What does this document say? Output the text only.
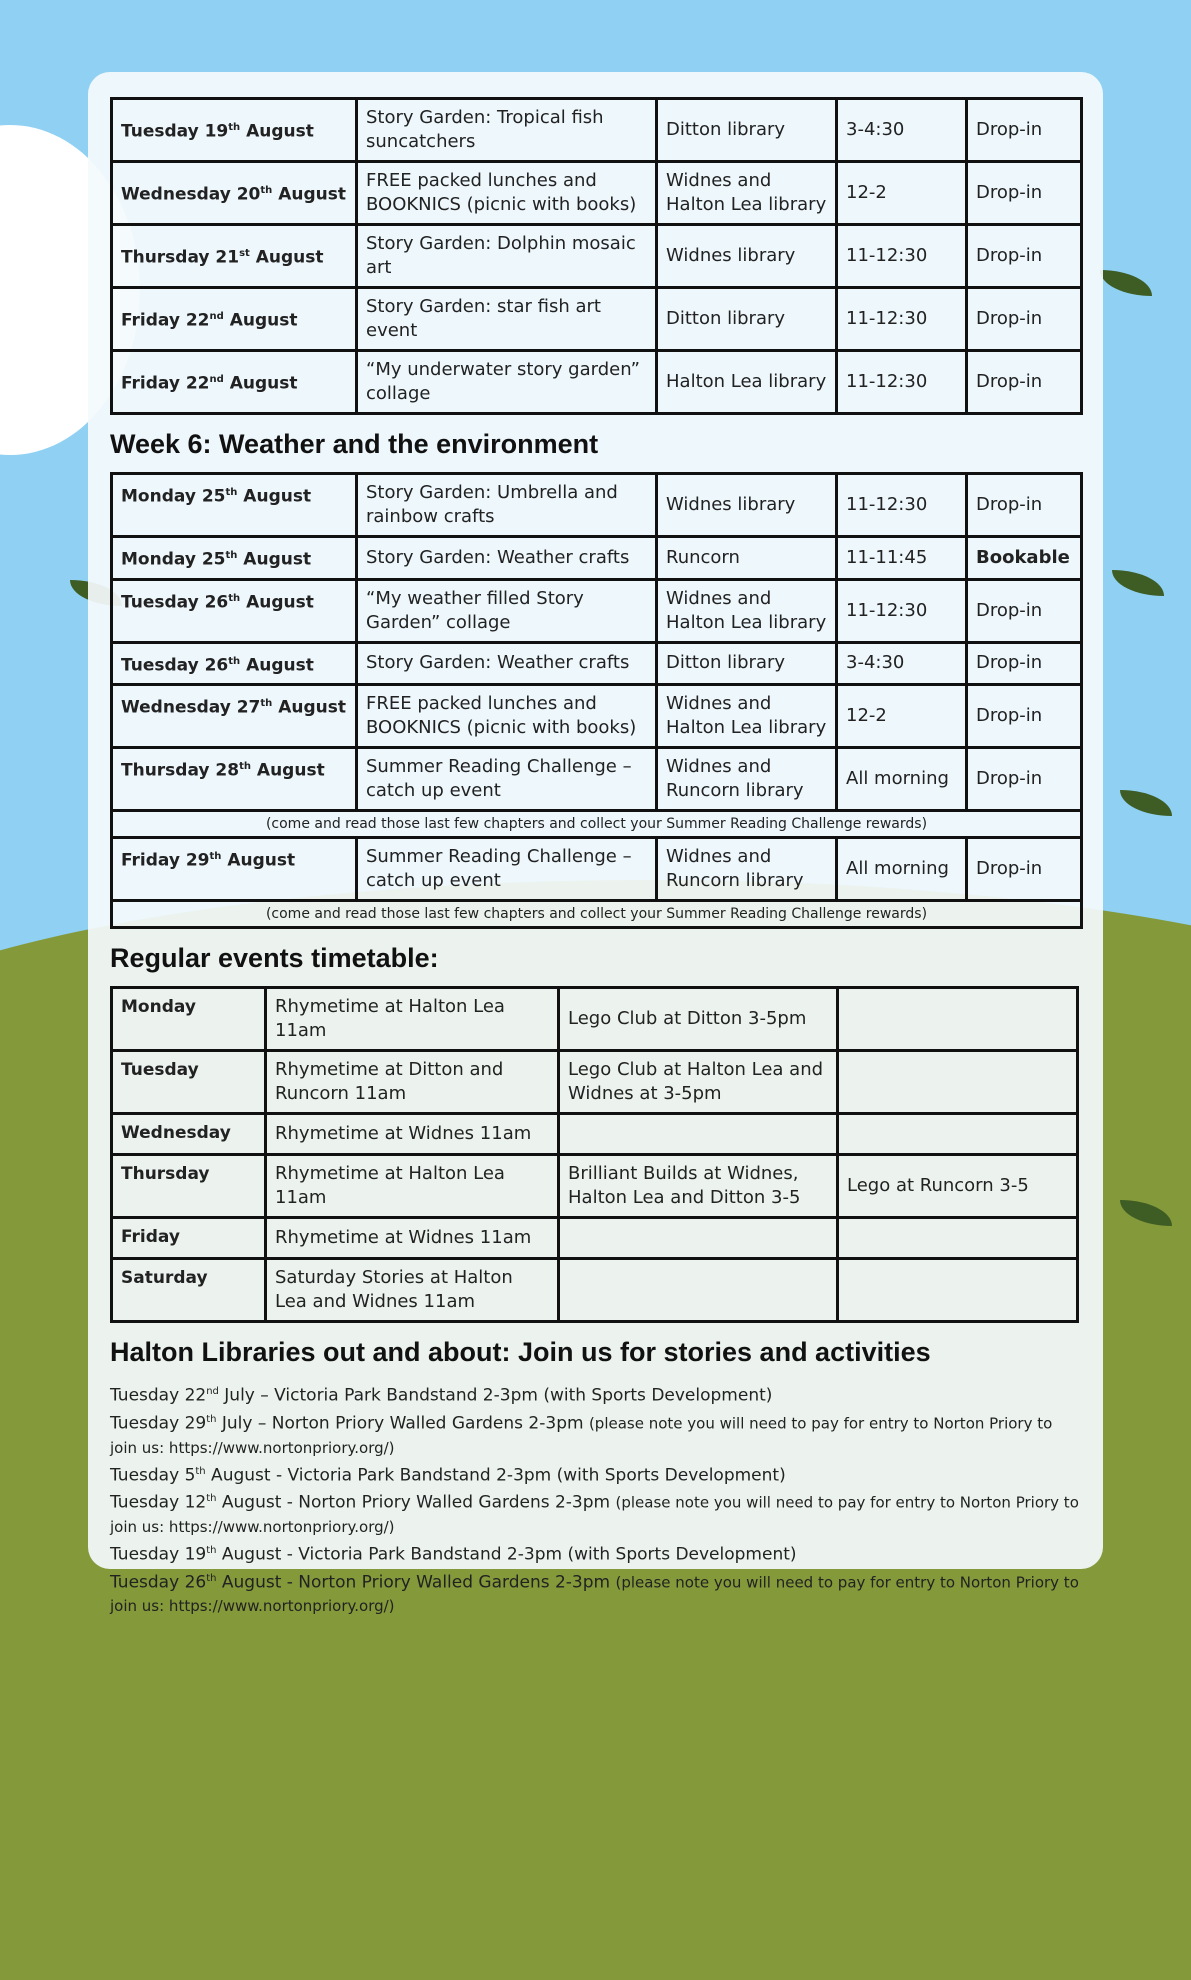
Tuesday 19th August	Story Garden: Tropical fish suncatchers	Ditton library	3-4:30	Drop-in
Wednesday 20th August	FREE packed lunches and BOOKNICS (picnic with books)	Widnes and Halton Lea library	12-2	Drop-in
Thursday 21st August	Story Garden: Dolphin mosaic art	Widnes library	11-12:30	Drop-in
Friday 22nd August	Story Garden: star fish art event	Ditton library	11-12:30	Drop-in
Friday 22nd August	“My underwater story garden” collage	Halton Lea library	11-12:30	Drop-in
Week 6: Weather and the environment
Monday 25th August	Story Garden: Umbrella and rainbow crafts	Widnes library	11-12:30	Drop-in
Monday 25th August	Story Garden: Weather crafts	Runcorn	11-11:45	Bookable
Tuesday 26th August	“My weather filled Story Garden” collage	Widnes and Halton Lea library	11-12:30	Drop-in
Tuesday 26th August	Story Garden: Weather crafts	Ditton library	3-4:30	Drop-in
Wednesday 27th August	FREE packed lunches and BOOKNICS (picnic with books)	Widnes and Halton Lea library	12-2	Drop-in
Thursday 28th August	Summer Reading Challenge – catch up event	Widnes and Runcorn library	All morning	Drop-in
(come and read those last few chapters and collect your Summer Reading Challenge rewards)				
Friday 29th August	Summer Reading Challenge – catch up event	Widnes and Runcorn library	All morning	Drop-in
(come and read those last few chapters and collect your Summer Reading Challenge rewards)				
Regular events timetable:
Monday	Rhymetime at Halton Lea 11am	Lego Club at Ditton 3-5pm	
Tuesday	Rhymetime at Ditton and Runcorn 11am	Lego Club at Halton Lea and Widnes at 3-5pm	
Wednesday	Rhymetime at Widnes 11am		
Thursday	Rhymetime at Halton Lea 11am	Brilliant Builds at Widnes, Halton Lea and Ditton 3-5	Lego at Runcorn 3-5
Friday	Rhymetime at Widnes 11am		
Saturday	Saturday Stories at Halton Lea and Widnes 11am		
Halton Libraries out and about: Join us for stories and activities

Tuesday 22nd July – Victoria Park Bandstand 2-3pm (with Sports Development)

Tuesday 29th July – Norton Priory Walled Gardens 2-3pm (please note you will need to pay for entry to Norton Priory to join us: https://www.nortonpriory.org/)

Tuesday 5th August - Victoria Park Bandstand 2-3pm (with Sports Development)

Tuesday 12th August - Norton Priory Walled Gardens 2-3pm (please note you will need to pay for entry to Norton Priory to join us: https://www.nortonpriory.org/)

Tuesday 19th August - Victoria Park Bandstand 2-3pm (with Sports Development)

Tuesday 26th August - Norton Priory Walled Gardens 2-3pm (please note you will need to pay for entry to Norton Priory to join us: https://www.nortonpriory.org/)
